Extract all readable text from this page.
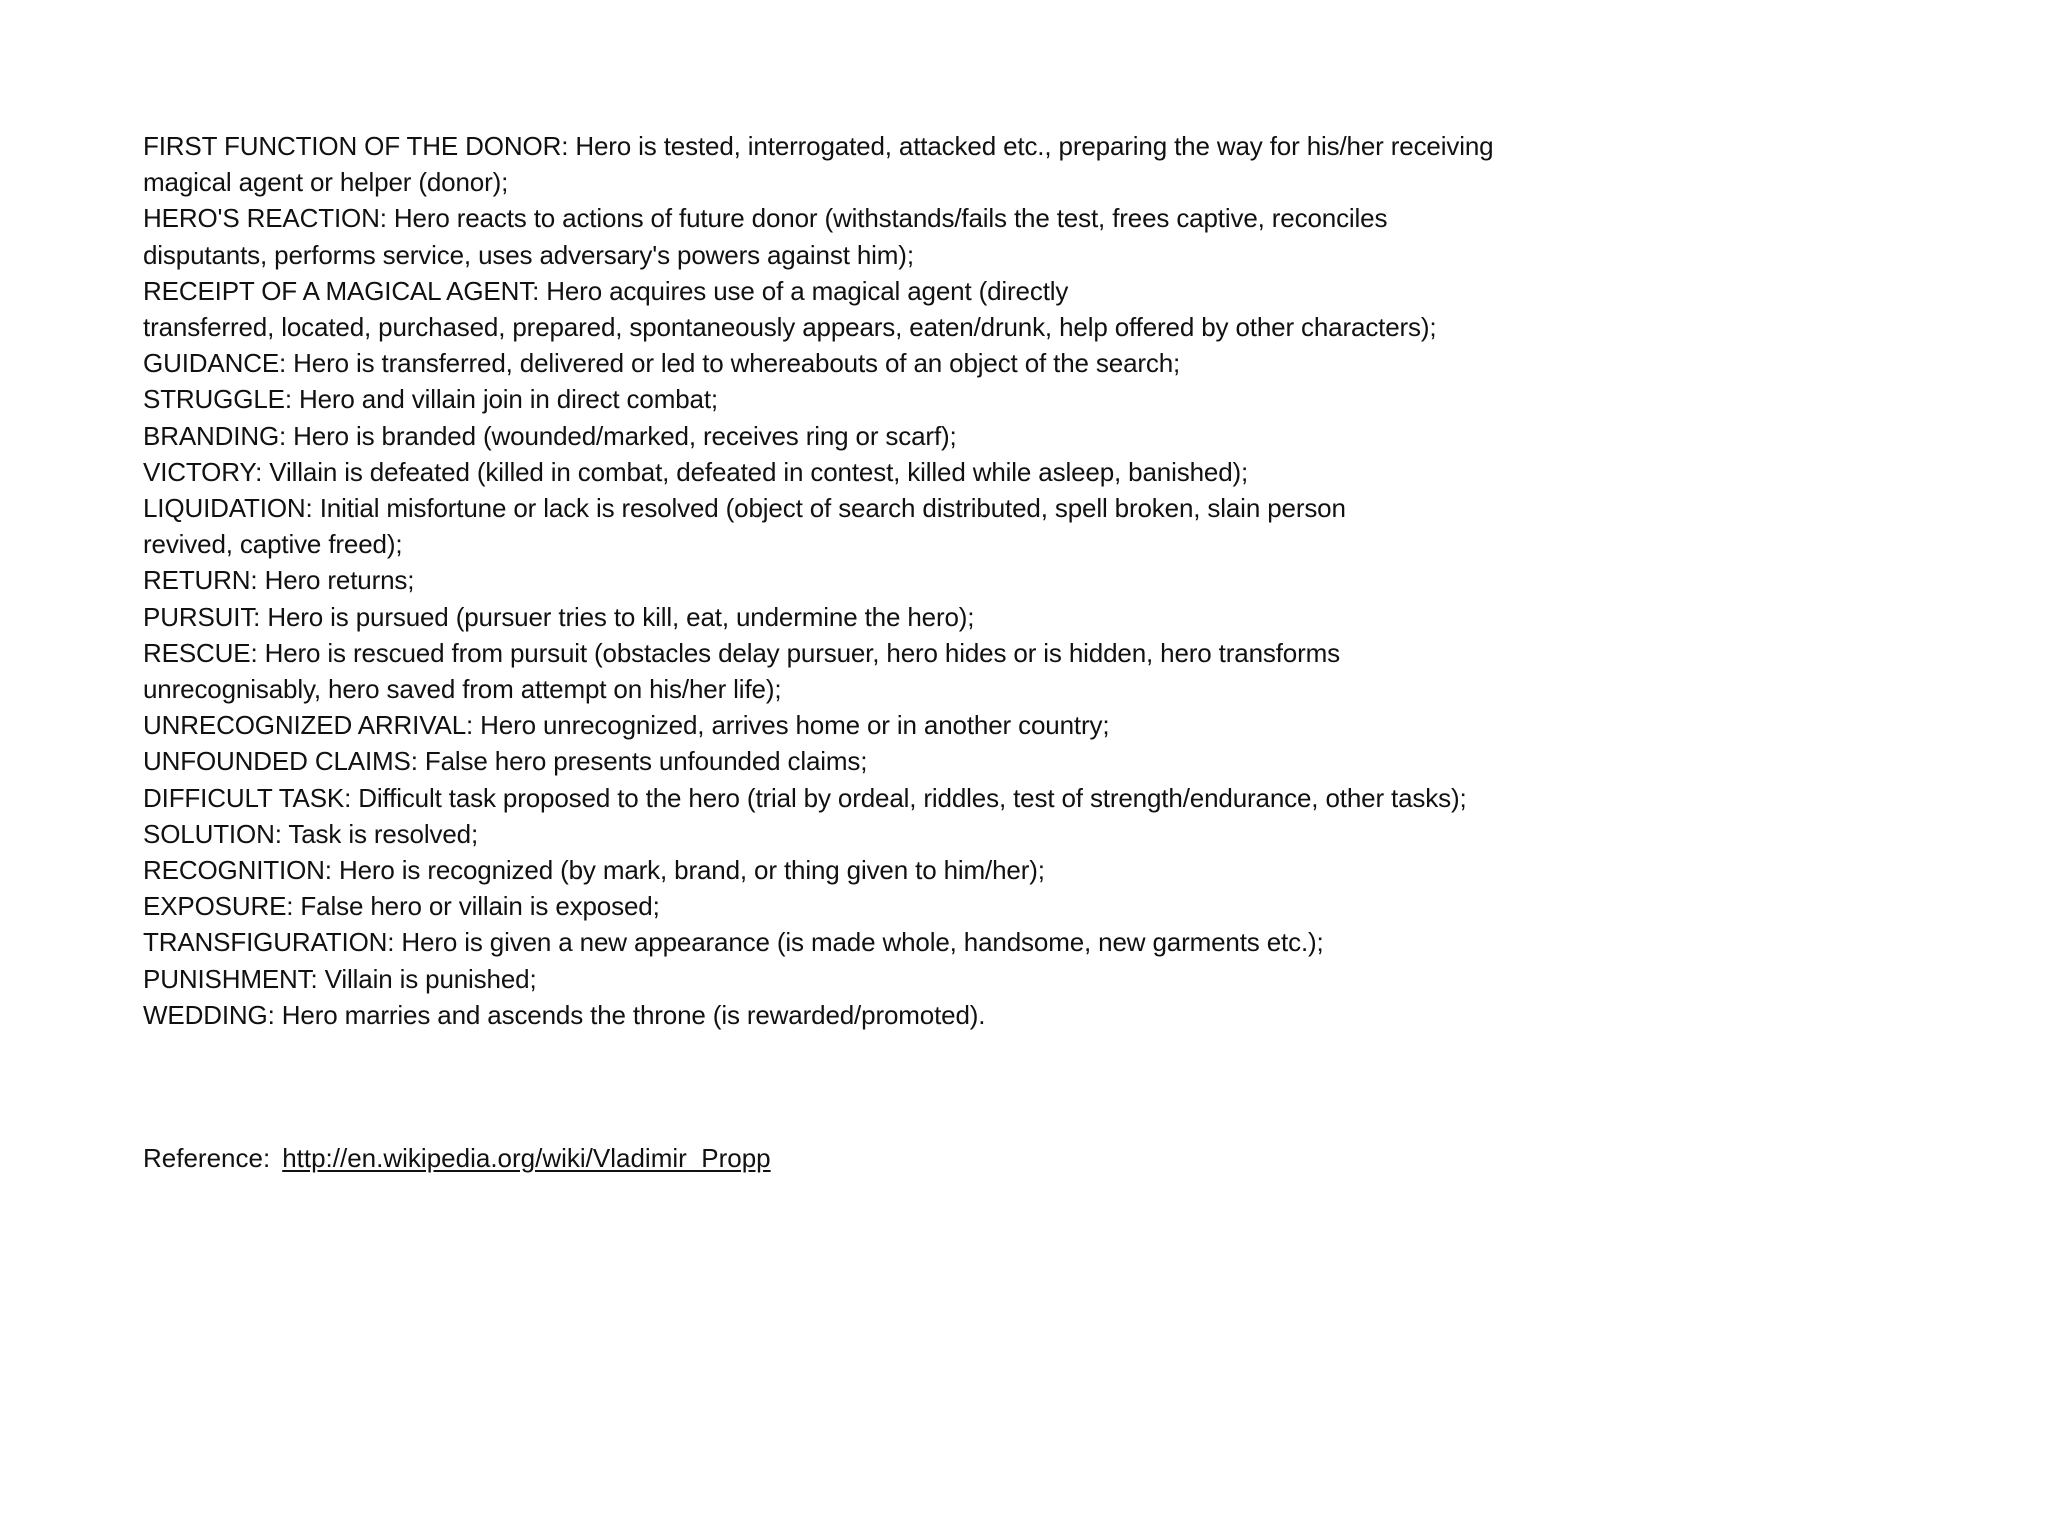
FIRST FUNCTION OF THE DONOR: Hero is tested, interrogated, attacked etc., preparing the way for his/her receiving
magical agent or helper (donor);
HERO'S REACTION: Hero reacts to actions of future donor (withstands/fails the test, frees captive, reconciles
disputants, performs service, uses adversary's powers against him);
RECEIPT OF A MAGICAL AGENT: Hero acquires use of a magical agent (directly
transferred, located, purchased, prepared, spontaneously appears, eaten/drunk, help offered by other characters);
GUIDANCE: Hero is transferred, delivered or led to whereabouts of an object of the search;
STRUGGLE: Hero and villain join in direct combat;
BRANDING: Hero is branded (wounded/marked, receives ring or scarf);
VICTORY: Villain is defeated (killed in combat, defeated in contest, killed while asleep, banished);
LIQUIDATION: Initial misfortune or lack is resolved (object of search distributed, spell broken, slain person
revived, captive freed);
RETURN: Hero returns;
PURSUIT: Hero is pursued (pursuer tries to kill, eat, undermine the hero);
RESCUE: Hero is rescued from pursuit (obstacles delay pursuer, hero hides or is hidden, hero transforms
unrecognisably, hero saved from attempt on his/her life);
UNRECOGNIZED ARRIVAL: Hero unrecognized, arrives home or in another country;
UNFOUNDED CLAIMS: False hero presents unfounded claims;
DIFFICULT TASK: Difficult task proposed to the hero (trial by ordeal, riddles, test of strength/endurance, other tasks);
SOLUTION: Task is resolved;
RECOGNITION: Hero is recognized (by mark, brand, or thing given to him/her);
EXPOSURE: False hero or villain is exposed;
TRANSFIGURATION: Hero is given a new appearance (is made whole, handsome, new garments etc.);
PUNISHMENT: Villain is punished;
WEDDING: Hero marries and ascends the throne (is rewarded/promoted).
Reference: http://en.wikipedia.org/wiki/Vladimir_Propp
